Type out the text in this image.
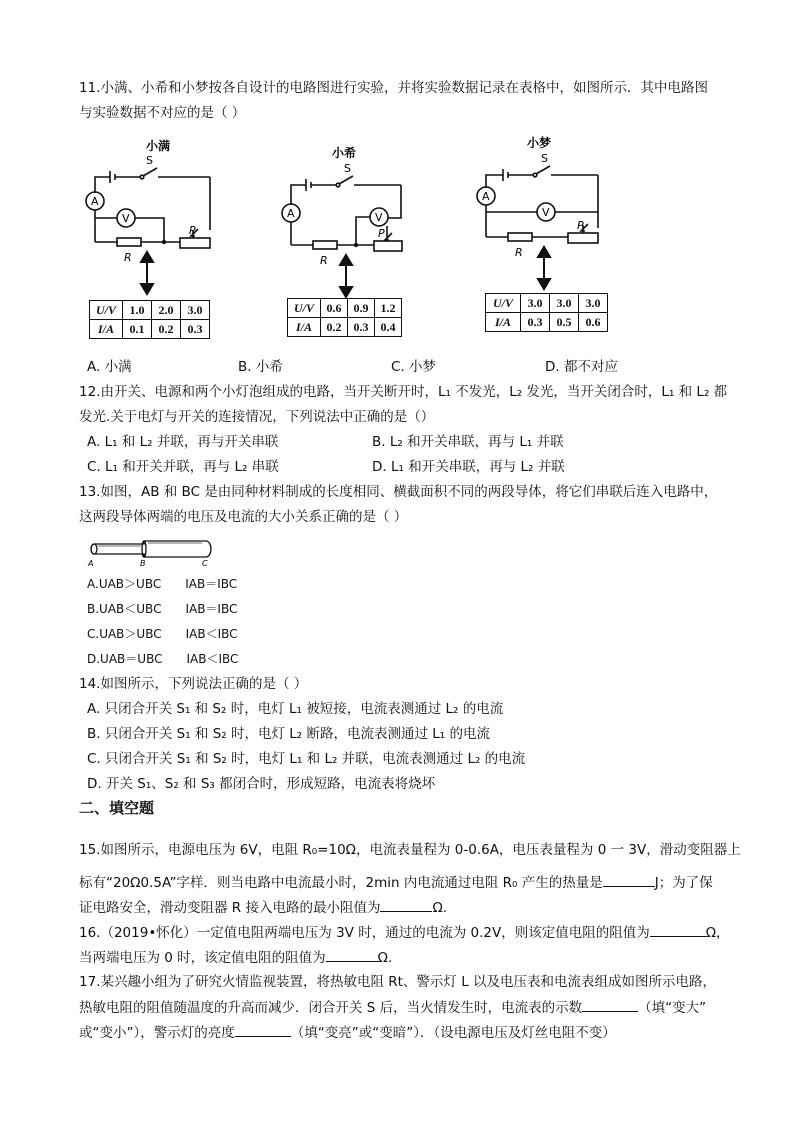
11.小满、小希和小梦按各自设计的电路图进行实验，并将实验数据记录在表格中，如图所示．其中电路图
与实验数据不对应的是（ ）
小满
A
V
S
R
P
U/V	1.0	2.0	3.0
I/A	0.1	0.2	0.3
小希
A	V
S
R
P
U/V	0.6	0.9	1.2
I/A	0.2	0.3	0.4
小梦
A
V
S
R
P
U/V	3.0	3.0	3.0
I/A	0.3	0.5	0.6
A. 小满	B. 小希	C. 小梦	D. 都不对应
12.由开关、电源和两个小灯泡组成的电路，当开关断开时，L₁ 不发光，L₂ 发光，当开关闭合时，L₁ 和 L₂ 都
发光.关于电灯与开关的连接情况，下列说法中正确的是（）
A. L₁ 和 L₂ 并联，再与开关串联	B. L₂ 和开关串联，再与 L₁ 并联
C. L₁ 和开关并联，再与 L₂ 串联	D. L₁ 和开关串联，再与 L₂ 并联
13.如图，AB 和 BC 是由同种材料制成的长度相同、横截面积不同的两段导体，将它们串联后连入电路中，
这两段导体两端的电压及电流的大小关系正确的是（ ）
A	B	C
A.UAB＞UBC　　IAB＝IBC
B.UAB＜UBC　　IAB＝IBC
C.UAB＞UBC　　IAB＜IBC
D.UAB＝UBC　　IAB＜IBC
14.如图所示，下列说法正确的是（ ）
A. 只闭合开关 S₁ 和 S₂ 时，电灯 L₁ 被短接，电流表测通过 L₂ 的电流
B. 只闭合开关 S₁ 和 S₂ 时，电灯 L₂ 断路，电流表测通过 L₁ 的电流
C. 只闭合开关 S₁ 和 S₂ 时，电灯 L₁ 和 L₂ 并联，电流表测通过 L₂ 的电流
D. 开关 S₁、S₂ 和 S₃ 都闭合时，形成短路，电流表将烧坏
二、填空题
15.如图所示，电源电压为 6V，电阻 R₀=10Ω，电流表量程为 0-0.6A，电压表量程为 0 一 3V，滑动变阻器上
标有“20Ω0.5A”字样．则当电路中电流最小时，2min 内电流通过电阻 R₀ 产生的热量是	J；为了保
证电路安全，滑动变阻器 R 接入电路的最小阻值为	Ω.
16.（2019•怀化）一定值电阻两端电压为 3V 时，通过的电流为 0.2V，则该定值电阻的阻值为	Ω，
当两端电压为 0 时，该定值电阻的阻值为	Ω.
17.某兴趣小组为了研究火情监视装置，将热敏电阻 Rt、警示灯 L 以及电压表和电流表组成如图所示电路，
热敏电阻的阻值随温度的升高而减少．闭合开关 S 后，当火情发生时，电流表的示数	（填“变大”
或“变小”），警示灯的亮度	（填“变亮”或“变暗”）．（设电源电压及灯丝电阻不变）
